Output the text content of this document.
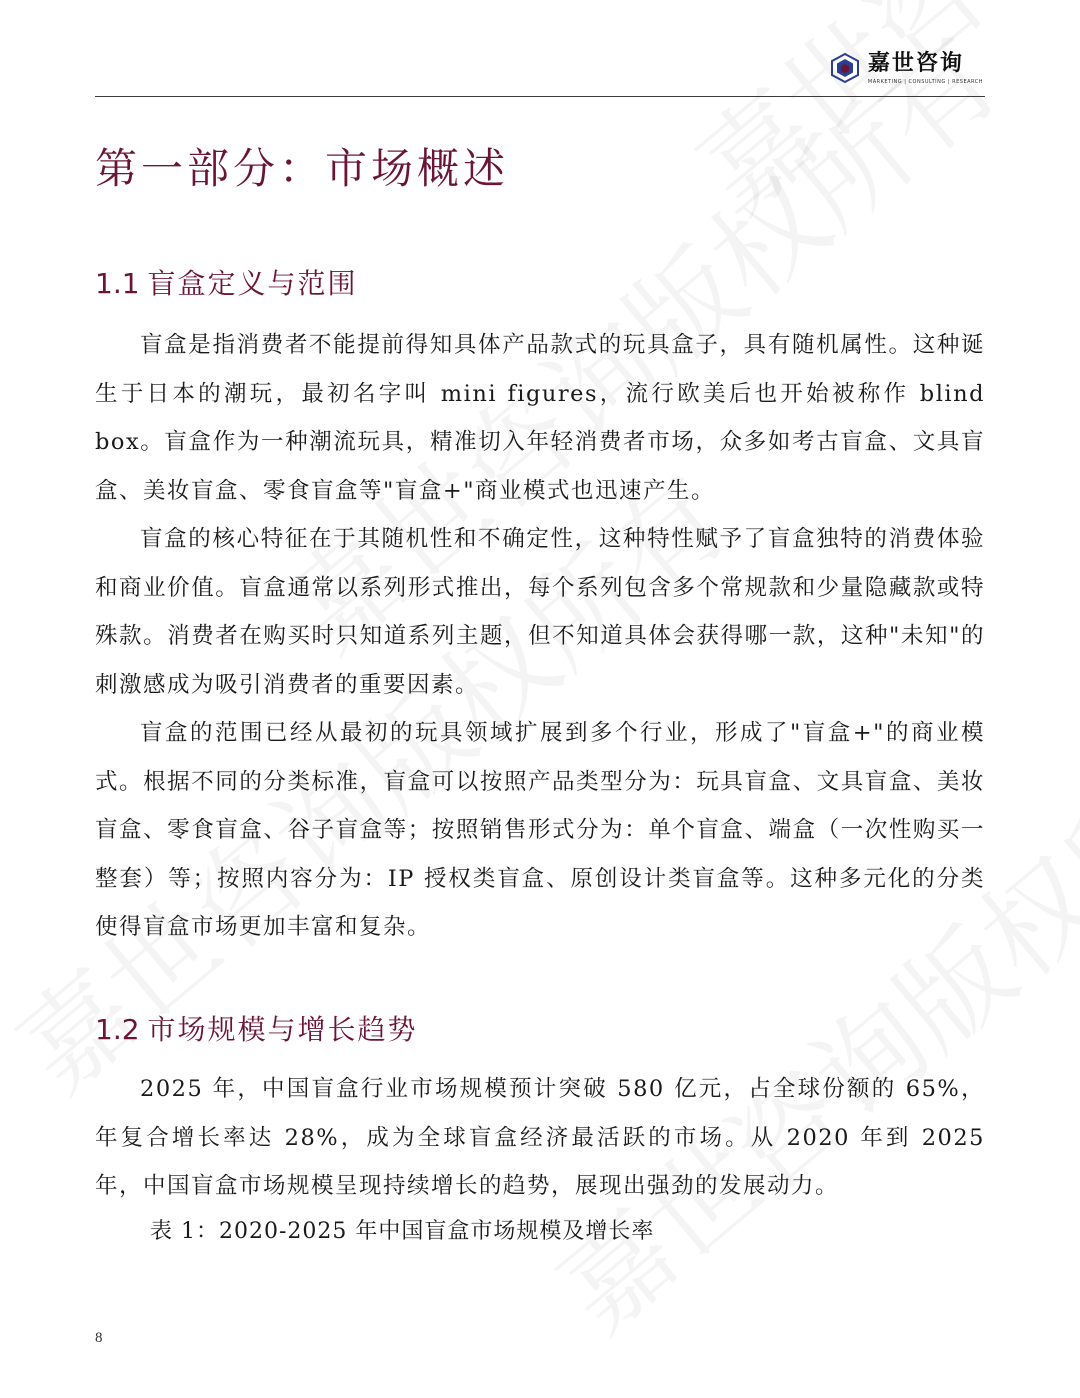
嘉世咨询
MARKETING | CONSULTING | RESEARCH
第一部分：市场概述
1.1 盲盒定义与范围

盲盒是指消费者不能提前得知具体产品款式的玩具盒子，具有随机属性。这种诞生于日本的潮玩，最初名字叫 mini figures，流行欧美后也开始被称作 blind box。盲盒作为一种潮流玩具，精准切入年轻消费者市场，众多如考古盲盒、文具盲盒、美妆盲盒、零食盲盒等"盲盒+"商业模式也迅速产生。

盲盒的核心特征在于其随机性和不确定性，这种特性赋予了盲盒独特的消费体验和商业价值。盲盒通常以系列形式推出，每个系列包含多个常规款和少量隐藏款或特殊款。消费者在购买时只知道系列主题，但不知道具体会获得哪一款，这种"未知"的刺激感成为吸引消费者的重要因素。

盲盒的范围已经从最初的玩具领域扩展到多个行业，形成了"盲盒+"的商业模式。根据不同的分类标准，盲盒可以按照产品类型分为：玩具盲盒、文具盲盒、美妆盲盒、零食盲盒、谷子盲盒等；按照销售形式分为：单个盲盒、端盒（一次性购买一整套）等；按照内容分为：IP 授权类盲盒、原创设计类盲盒等。这种多元化的分类使得盲盒市场更加丰富和复杂。

1.2 市场规模与增长趋势

2025 年，中国盲盒行业市场规模预计突破 580 亿元，占全球份额的 65%，年复合增长率达 28%，成为全球盲盒经济最活跃的市场。从 2020 年到 2025 年，中国盲盒市场规模呈现持续增长的趋势，展现出强劲的发展动力。

表 1：2020-2025 年中国盲盒市场规模及增长率

8
